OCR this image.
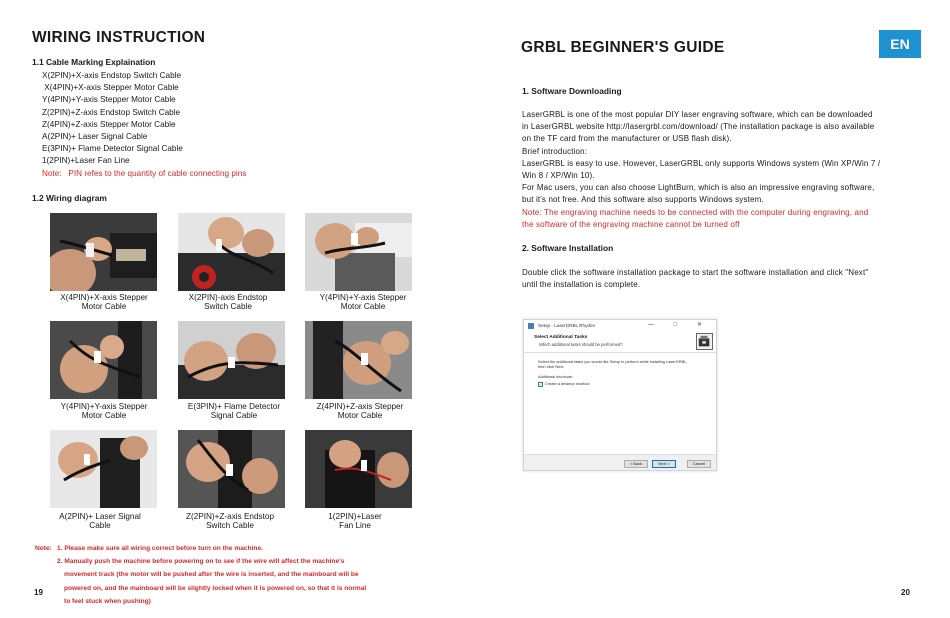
WIRING INSTRUCTION
1.1 Cable Marking Explaination
X(2PIN)+X-axis Endstop Switch Cable
X(4PIN)+X-axis Stepper Motor Cable
Y(4PIN)+Y-axis Stepper Motor Cable
Z(2PIN)+Z-axis Endstop Switch Cable
Z(4PIN)+Z-axis Stepper Motor Cable
A(2PIN)+ Laser Signal Cable
E(3PIN)+ Flame Detector Signal Cable
1(2PIN)+Laser Fan Line
Note:   PIN refes to the quantity of cable connecting pins
1.2 Wiring diagram
X(4PIN)+X-axis Stepper
Motor Cable
X(2PIN)-axis Endstop
Switch Cable
Y(4PIN)+Y-axis Stepper
Motor Cable
Y(4PIN)+Y-axis Stepper
Motor Cable
E(3PIN)+ Flame Detector
Signal Cable
Z(4PIN)+Z-axis Stepper
Motor Cable
A(2PIN)+ Laser Signal
Cable
Z(2PIN)+Z-axis Endstop
Switch Cable
1(2PIN)+Laser
Fan Line
Note: 1. Please make sure all wiring correct before turn on the machine.
2. Manually push the machine before powering on to see if the wire will affect the machine's
movement track (the motor will be pushed after the wire is inserted, and the mainboard will be
powered on, and the mainboard will be slightly locked when it is powered on, so that it is normal
to feel stuck when pushing)
19
EN
GRBL BEGINNER'S GUIDE
1. Software Downloading

LaserGRBL is one of the most popular DIY laser engraving software, which can be downloaded

in LaserGRBL website http://lasergrbl.com/download/ (The installation package is also available

on the TF card from the manufacturer or USB flash disk).

Brief introduction:

LaserGRBL is easy to use. However, LaserGRBL only supports Windows system (Win XP/Win 7 /

Win 8 / XP/Win 10).

For Mac users, you can also choose LightBurn, which is also an impressive engraving software,

but it's not free. And this software also supports Windows system.

Note: The engraving machine needs to be connected with the computer during engraving, and

the software of the engraving machine cannot be turned off

2. Software Installation

Double click the software installation package to start the software installation and click "Next"

until the installation is complete.

Setup - LaserGRBL Rhydon	— □ ✕
Select Additional Tasks
Which additional tasks should be performed?
Select the additional tasks you would like Setup to perform while installing LaserGRBL,
then click Next.
Additional shortcuts:
✓ Create a desktop shortcut
< Back	Next >	Cancel
20
